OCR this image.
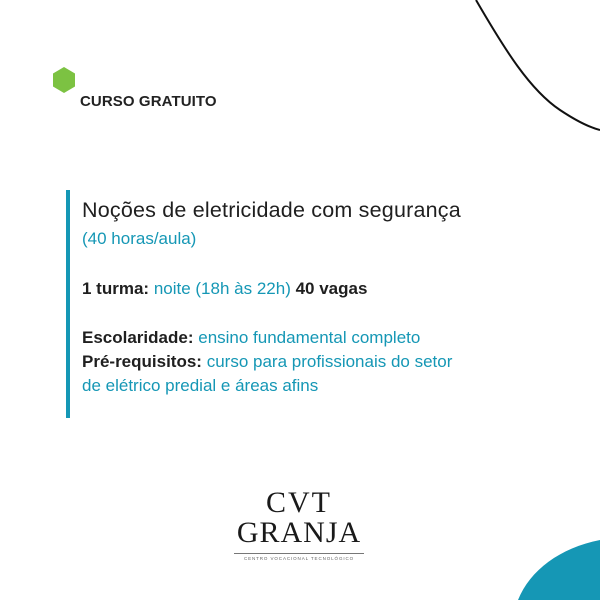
CURSO GRATUITO
Noções de eletricidade com segurança
(40 horas/aula)
1 turma: noite (18h às 22h) 40 vagas
Escolaridade: ensino fundamental completo
Pré-requisitos: curso para profissionais do setor
de elétrico predial e áreas afins
CVT
GRANJA
CENTRO VOCACIONAL TECNOLÓGICO
